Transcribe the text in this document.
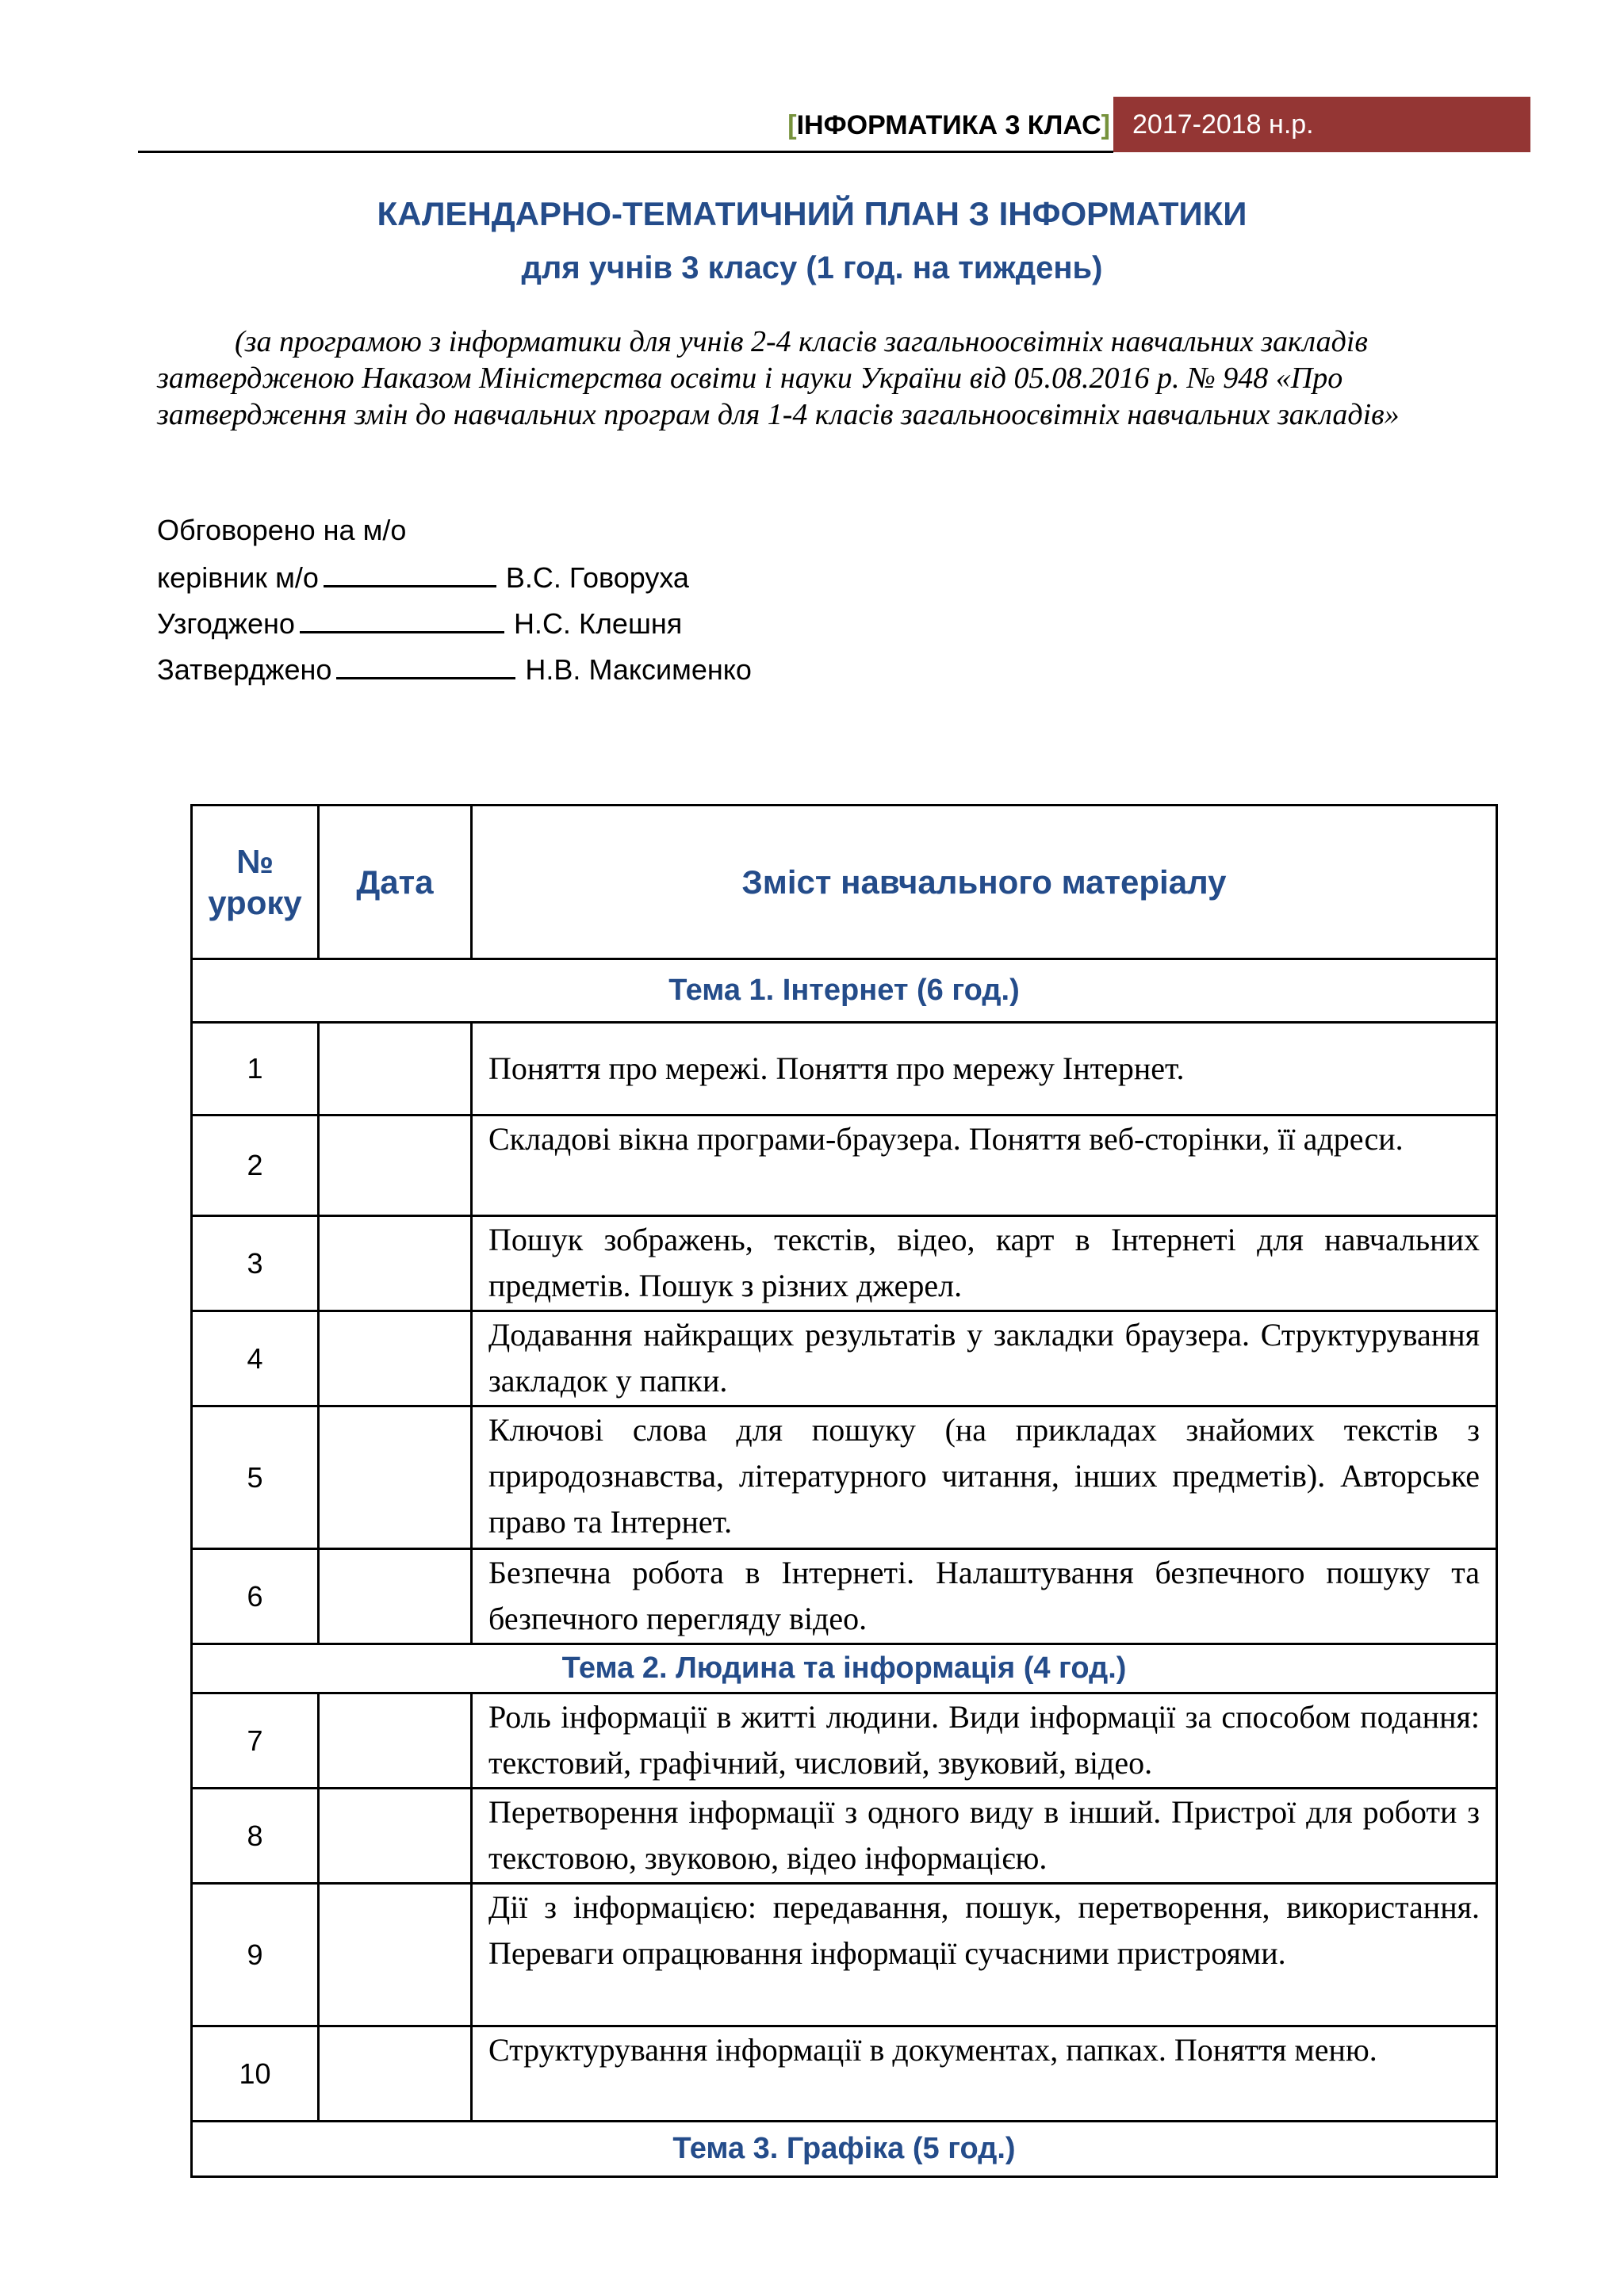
[ІНФОРМАТИКА 3 КЛАС] 2017-2018 н.р.
КАЛЕНДАРНО-ТЕМАТИЧНИЙ ПЛАН З ІНФОРМАТИКИ
для учнів 3 класу (1 год. на тиждень)
(за програмою з інформатики для учнів 2-4 класів загальноосвітніх навчальних закладів
затвердженою Наказом Міністерства освіти і науки України від 05.08.2016 р. № 948 «Про
затвердження змін до навчальних програм для 1-4 класів загальноосвітніх навчальних закладів»
Обговорено на м/о
керівник м/о	В.С. Говоруха
Узгоджено	Н.С. Клешня
Затверджено	Н.В. Максименко
№
уроку	Дата	Зміст навчального матеріалу
Тема 1. Інтернет (6 год.)		
1		Поняття про мережі. Поняття про мережу Інтернет.
2		Складові вікна програми-браузера. Поняття веб-сторінки, її адреси.
3		Пошук зображень, текстів, відео, карт в Інтернеті для навчальних предметів. Пошук з різних джерел.
4		Додавання найкращих результатів у закладки браузера. Структурування закладок у папки.
5		Ключові слова для пошуку (на прикладах знайомих текстів з природознавства, літературного читання, інших предметів). Авторське право та Інтернет.
6		Безпечна робота в Інтернеті. Налаштування безпечного пошуку та безпечного перегляду відео.
Тема 2. Людина та інформація (4 год.)		
7		Роль інформації в житті людини. Види інформації за способом подання: текстовий, графічний, числовий, звуковий, відео.
8		Перетворення інформації з одного виду в інший. Пристрої для роботи з текстовою, звуковою, відео інформацією.
9		Дії з інформацією: передавання, пошук, перетворення, використання. Переваги опрацювання інформації сучасними пристроями.
10		Структурування інформації в документах, папках. Поняття меню.
Тема 3. Графіка (5 год.)		
